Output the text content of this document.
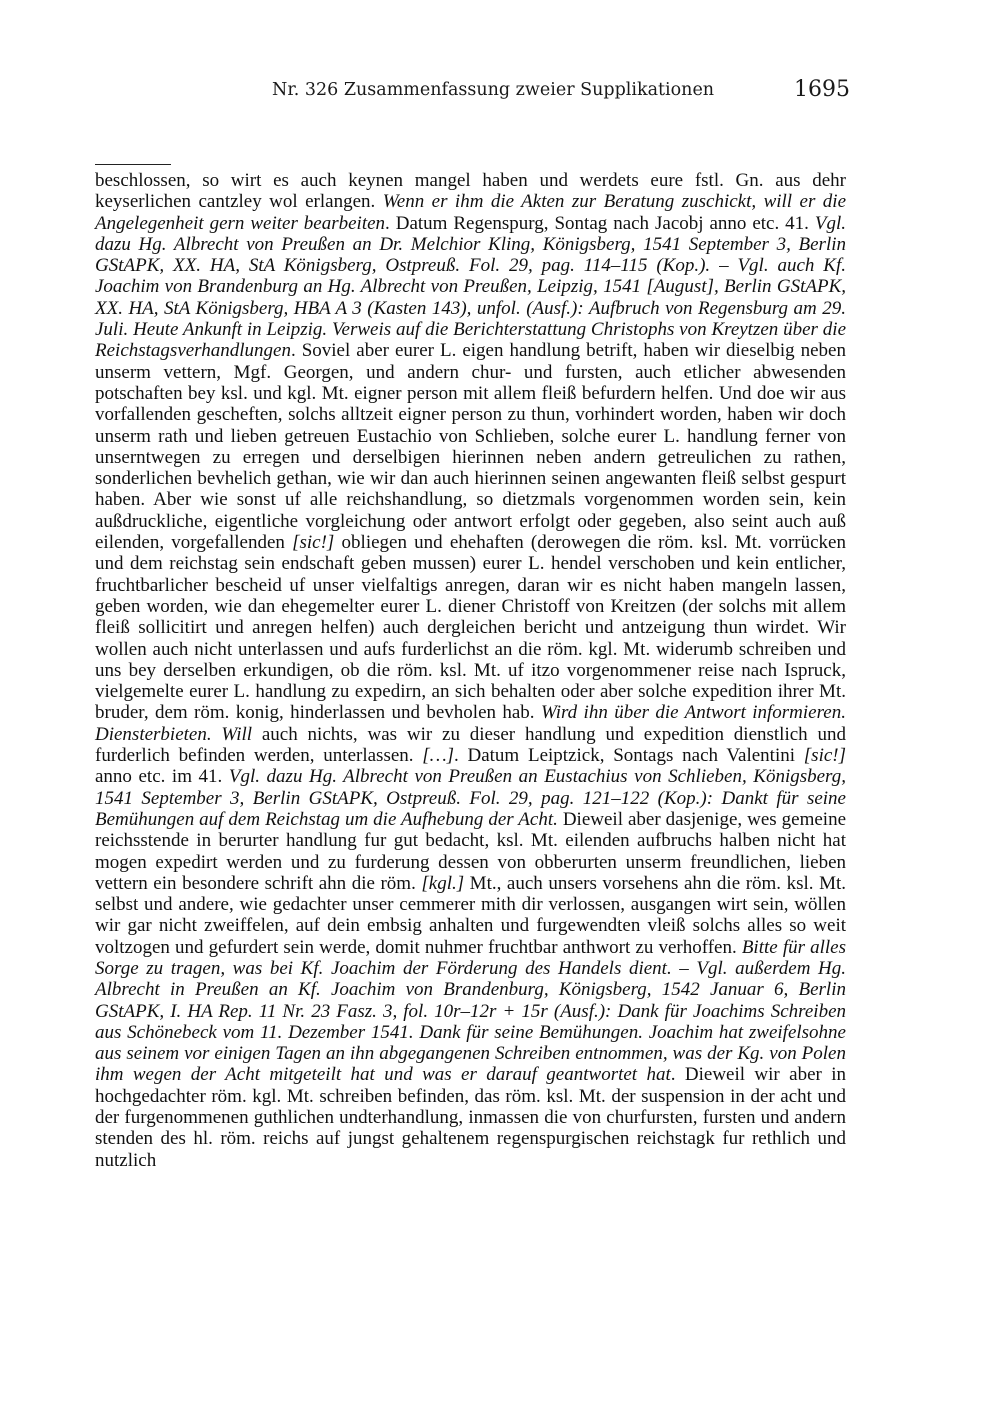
Nr. 326 Zusammenfassung zweier Supplikationen	1695
beschlossen, so wirt es auch keynen mangel haben und werdets eure fstl. Gn. aus dehr keyserlichen cantzley wol erlangen. Wenn er ihm die Akten zur Beratung zuschickt, will er die Angelegenheit gern weiter bearbeiten. Datum Regenspurg, Sontag nach Jacobj anno etc. 41. Vgl. dazu Hg. Albrecht von Preußen an Dr. Melchior Kling, Königsberg, 1541 September 3, Berlin GStAPK, XX. HA, StA Königsberg, Ostpreuß. Fol. 29, pag. 114–115 (Kop.). – Vgl. auch Kf. Joachim von Brandenburg an Hg. Albrecht von Preußen, Leipzig, 1541 [August], Berlin GStAPK, XX. HA, StA Königsberg, HBA A 3 (Kasten 143), unfol. (Ausf.): Aufbruch von Regensburg am 29. Juli. Heute Ankunft in Leipzig. Verweis auf die Berichterstattung Christophs von Kreytzen über die Reichstagsverhandlungen. Soviel aber eurer L. eigen handlung betrift, haben wir dieselbig neben unserm vettern, Mgf. Georgen, und andern chur- und fursten, auch etlicher abwesenden potschaften bey ksl. und kgl. Mt. eigner person mit allem fleiß befurdern helfen. Und doe wir aus vorfallenden gescheften, solchs alltzeit eigner person zu thun, vorhindert worden, haben wir doch unserm rath und lieben getreuen Eustachio von Schlieben, solche eurer L. handlung ferner von unserntwegen zu erregen und derselbigen hierinnen neben andern getreulichen zu rathen, sonderlichen bevhelich gethan, wie wir dan auch hierinnen seinen angewanten fleiß selbst gespurt haben. Aber wie sonst uf alle reichshandlung, so dietzmals vorgenommen worden sein, kein außdruckliche, eigentliche vorgleichung oder antwort erfolgt oder gegeben, also seint auch auß eilenden, vorgefallenden [sic!] obliegen und ehehaften (derowegen die röm. ksl. Mt. vorrücken und dem reichstag sein endschaft geben mussen) eurer L. hendel verschoben und kein entlicher, fruchtbarlicher bescheid uf unser vielfaltigs anregen, daran wir es nicht haben mangeln lassen, geben worden, wie dan ehegemelter eurer L. diener Christoff von Kreitzen (der solchs mit allem fleiß sollicitirt und anregen helfen) auch dergleichen bericht und antzeigung thun wirdet. Wir wollen auch nicht unterlassen und aufs furderlichst an die röm. kgl. Mt. widerumb schreiben und uns bey derselben erkundigen, ob die röm. ksl. Mt. uf itzo vorgenommener reise nach Ispruck, vielgemelte eurer L. handlung zu expedirn, an sich behalten oder aber solche expedition ihrer Mt. bruder, dem röm. konig, hinderlassen und bevholen hab. Wird ihn über die Antwort informieren. Diensterbieten. Will auch nichts, was wir zu dieser handlung und expedition dienstlich und furderlich befinden werden, unterlassen. […]. Datum Leiptzick, Sontags nach Valentini [sic!] anno etc. im 41. Vgl. dazu Hg. Albrecht von Preußen an Eustachius von Schlieben, Königsberg, 1541 September 3, Berlin GStAPK, Ostpreuß. Fol. 29, pag. 121–122 (Kop.): Dankt für seine Bemühungen auf dem Reichstag um die Aufhebung der Acht. Dieweil aber dasjenige, wes gemeine reichsstende in berurter handlung fur gut bedacht, ksl. Mt. eilenden aufbruchs halben nicht hat mogen expedirt werden und zu furderung dessen von obberurten unserm freundlichen, lieben vettern ein besondere schrift ahn die röm. [kgl.] Mt., auch unsers vorsehens ahn die röm. ksl. Mt. selbst und andere, wie gedachter unser cemmerer mith dir verlossen, ausgangen wirt sein, wöllen wir gar nicht zweiffelen, auf dein embsig anhalten und furgewendten vleiß solchs alles so weit voltzogen und gefurdert sein werde, domit nuhmer fruchtbar anthwort zu verhoffen. Bitte für alles Sorge zu tragen, was bei Kf. Joachim der Förderung des Handels dient. – Vgl. außerdem Hg. Albrecht in Preußen an Kf. Joachim von Brandenburg, Königsberg, 1542 Januar 6, Berlin GStAPK, I. HA Rep. 11 Nr. 23 Fasz. 3, fol. 10r–12r + 15r (Ausf.): Dank für Joachims Schreiben aus Schönebeck vom 11. Dezember 1541. Dank für seine Bemühungen. Joachim hat zweifelsohne aus seinem vor einigen Tagen an ihn abgegangenen Schreiben entnommen, was der Kg. von Polen ihm wegen der Acht mitgeteilt hat und was er darauf geantwortet hat. Dieweil wir aber in hochgedachter röm. kgl. Mt. schreiben befinden, das röm. ksl. Mt. der suspension in der acht und der furgenommenen guthlichen undterhandlung, inmassen die von churfursten, fursten und andern stenden des hl. röm. reichs auf jungst gehaltenem regenspurgischen reichstagk fur rethlich und nutzlich
